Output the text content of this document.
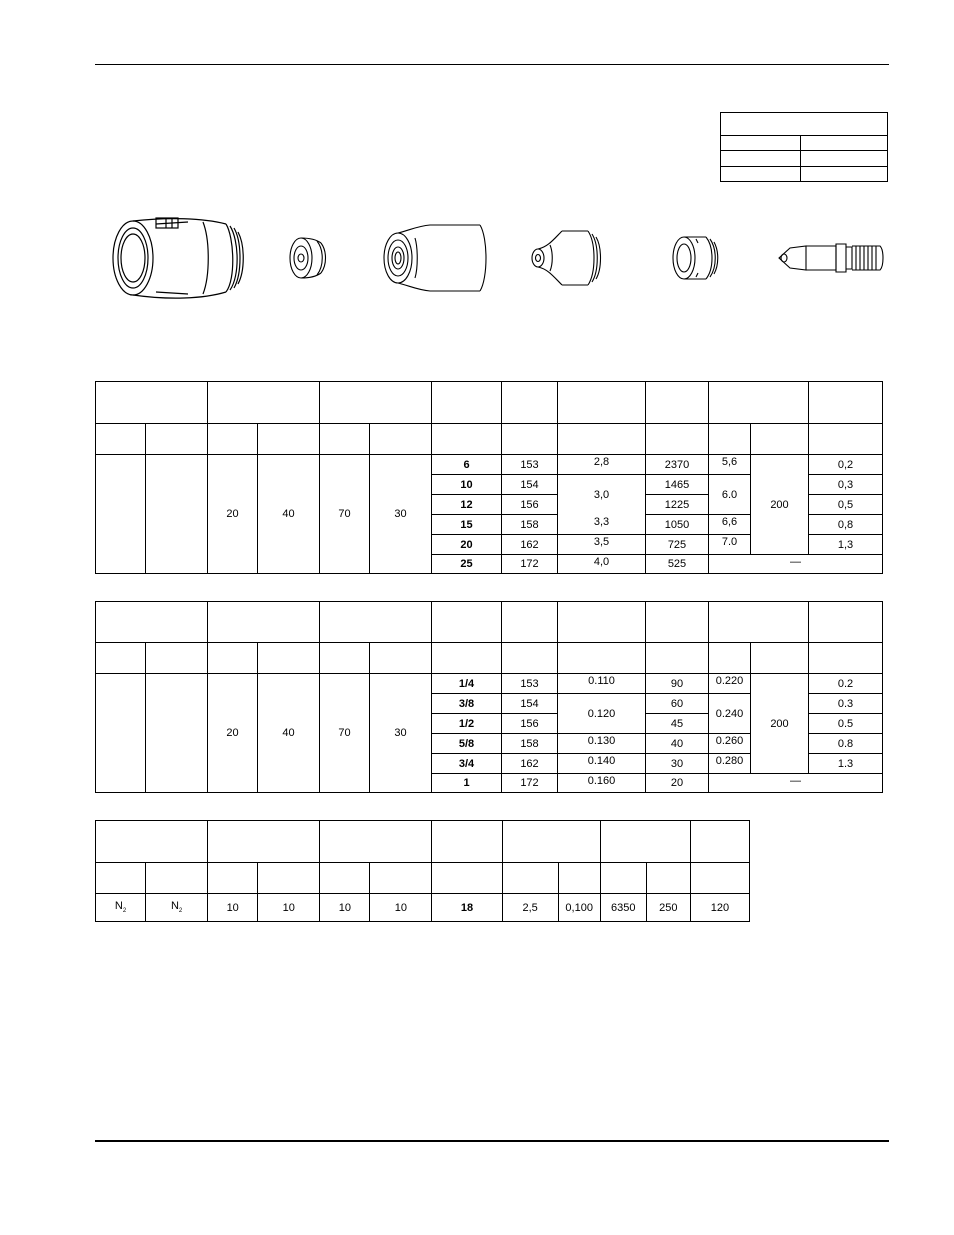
		20	40	70	30	6	153	2,8	2370	5,6	200	0,2
						10	154	3,0	1465	6.0		0,3
						12	156		1225			0,5
						15	158	3,3	1050	6,6		0,8
						20	162	3,5	725	7.0		1,3
						25	172	4,0	525	—		

		20	40	70	30	1/4	153	0.110	90	0.220	200	0.2
						3/8	154	0.120	60	0.240		0.3
						1/2	156		45			0.5
						5/8	158	0.130	40	0.260		0.8
						3/4	162	0.140	30	0.280		1.3
						1	172	0.160	20	—		

$N_2$	$N_2$	10	10	10	10	18	2,5	0,100	6350	250	120
